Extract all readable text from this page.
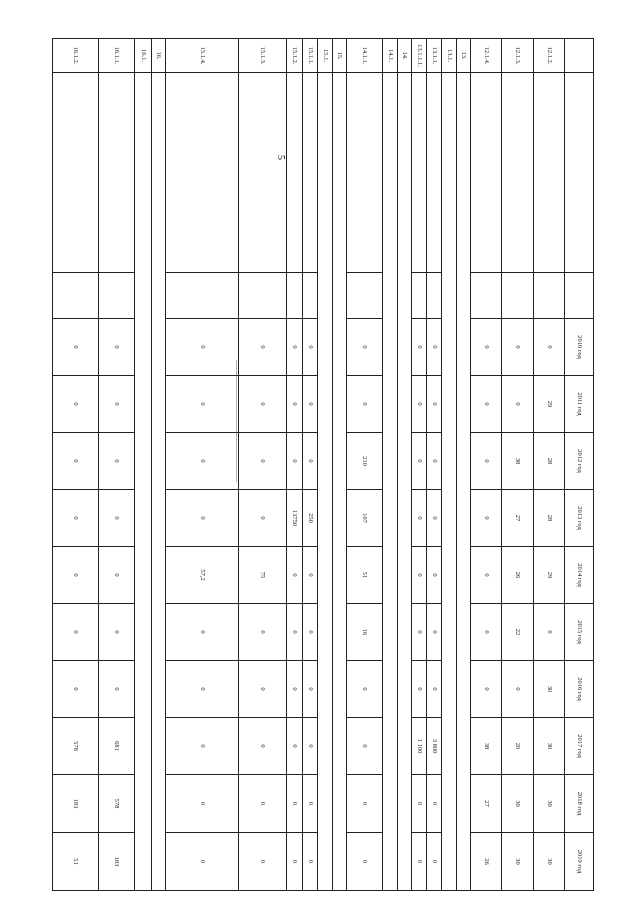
5
			2010 год	2011 год	2012 год	2013 год	2014 год	2015 год	2016 год	2017 год	2018 год	2019 год
12.1.2.			0	29	28	28	29	0	30	30	30	30
12.1.3.			0	0	38	27	26	22	0	20	30	30
12.1.4.			0	0	0	0	0	0	0	38	27	26
13.												
13.1.												
13.1.1.			0	0	0	0	0	0	0	3 800	0	0
13.1.1.1.			0	0	0	0	0	0	0	1 100	0	0
14.												
14.1.												
14.1.1.			0	0	210	107	51	16	0	0	0	0
15.												
15.1.												
15.1.1.			0	0	0	250	0	0	0	0	0	0
15.1.2.			0	0	0	13750	0	0	0	0	0	0
15.1.3.			0	0	0	0	75	0	0	0	0	0
15.1.4.			0	0	0	0	57,2	0	0	0	0	0
16.												
16.1.												
16.1.1.			0	0	0	0	0	0	0	681	578	183
16.1.2.			0	0	0	0	0	0	0	578	183	51
